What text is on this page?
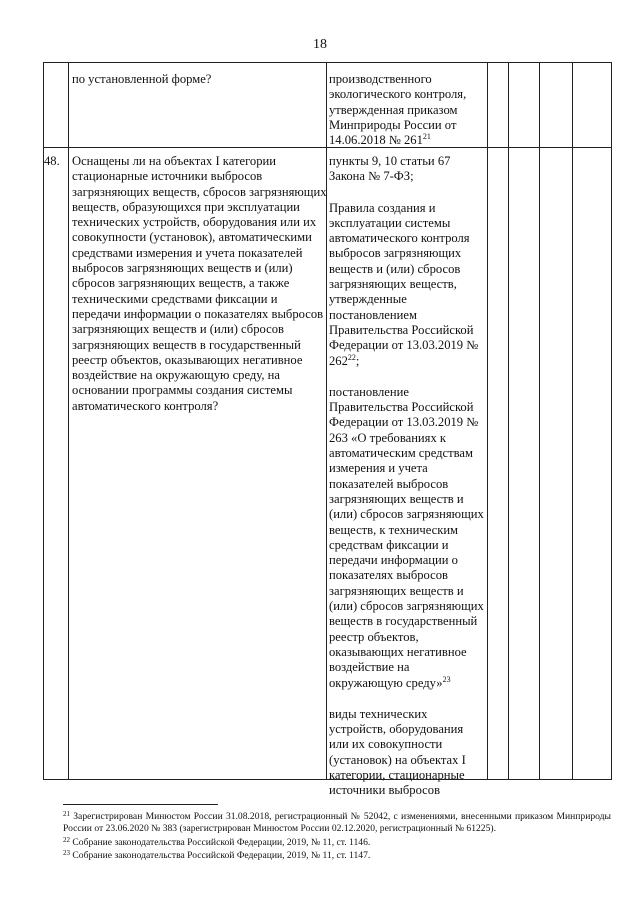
18
по установленной форме?	производственного экологического контроля, утвержденная приказом Минприроды России от 14.06.2018 № $261^{21}$
48. Оснащены ли на объектах I категории стационарные источники выбросов загрязняющих веществ, сбросов загрязняющих веществ, образующихся при эксплуатации технических устройств, оборудования или их совокупности (установок), автоматическими средствами измерения и учета показателей выбросов загрязняющих веществ и (или) сбросов загрязняющих веществ, а также техническими средствами фиксации и передачи информации о показателях выбросов загрязняющих веществ и (или) сбросов загрязняющих веществ в государственный реестр объектов, оказывающих негативное воздействие на окружающую среду, на основании программы создания системы автоматического контроля?
пункты 9, 10 статьи 67 Закона № 7-ФЗ;
Правила создания и эксплуатации системы автоматического контроля выбросов загрязняющих веществ и (или) сбросов загрязняющих веществ, утвержденные постановлением Правительства Российской Федерации от 13.03.2019 № $262^{22}$;
постановление Правительства Российской Федерации от 13.03.2019 № 263 «О требованиях к автоматическим средствам измерения и учета показателей выбросов загрязняющих веществ и (или) сбросов загрязняющих веществ, к техническим средствам фиксации и передачи информации о показателях выбросов загрязняющих веществ и (или) сбросов загрязняющих веществ в государственный реестр объектов, оказывающих негативное воздействие на окружающую среду»$^{23}$
виды технических устройств, оборудования или их совокупности (установок) на объектах I категории, стационарные источники выбросов

$^{21}$ Зарегистрирован Минюстом России 31.08.2018, регистрационный № 52042, с изменениями, внесенными приказом Минприроды России от 23.06.2020 № 383 (зарегистрирован Минюстом России 02.12.2020, регистрационный № 61225).

$^{22}$ Собрание законодательства Российской Федерации, 2019, № 11, ст. 1146.

$^{23}$ Собрание законодательства Российской Федерации, 2019, № 11, ст. 1147.
